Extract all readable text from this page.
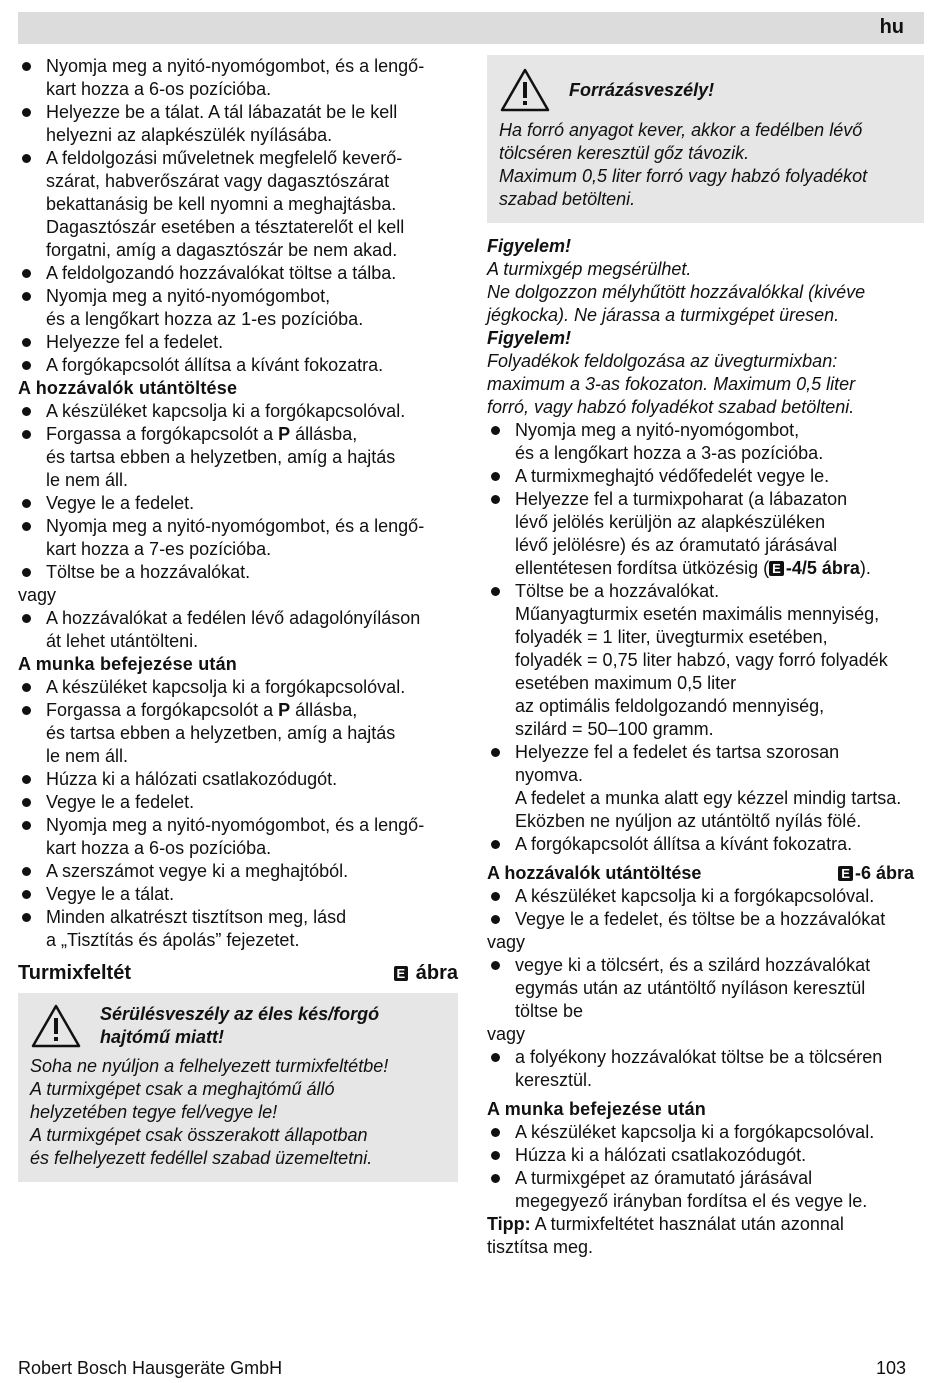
hu
Nyomja meg a nyitó-nyomógombot, és a lengő-
kart hozza a 6-os pozícióba.
Helyezze be a tálat. A tál lábazatát be le kell
helyezni az alapkészülék nyílásába.
A feldolgozási műveletnek megfelelő keverő-
szárat, habverőszárat vagy dagasztószárat
bekattanásig be kell nyomni a meghajtásba.
Dagasztószár esetében a tésztaterelőt el kell
forgatni, amíg a dagasztószár be nem akad.
A feldolgozandó hozzávalókat töltse a tálba.
Nyomja meg a nyitó-nyomógombot,
és a lengőkart hozza az 1-es pozícióba.
Helyezze fel a fedelet.
A forgókapcsolót állítsa a kívánt fokozatra.
A hozzávalók utántöltése
A készüléket kapcsolja ki a forgókapcsolóval.
Forgassa a forgókapcsolót a P állásba,
és tartsa ebben a helyzetben, amíg a hajtás
le nem áll.
Vegye le a fedelet.
Nyomja meg a nyitó-nyomógombot, és a lengő-
kart hozza a 7-es pozícióba.
Töltse be a hozzávalókat.
vagy
A hozzávalókat a fedélen lévő adagolónyíláson
át lehet utántölteni.
A munka befejezése után
A készüléket kapcsolja ki a forgókapcsolóval.
Forgassa a forgókapcsolót a P állásba,
és tartsa ebben a helyzetben, amíg a hajtás
le nem áll.
Húzza ki a hálózati csatlakozódugót.
Vegye le a fedelet.
Nyomja meg a nyitó-nyomógombot, és a lengő-
kart hozza a 6-os pozícióba.
A szerszámot vegye ki a meghajtóból.
Vegye le a tálat.
Minden alkatrészt tisztítson meg, lásd
a „Tisztítás és ápolás” fejezetet.
Turmixfeltét	E ábra
Sérülésveszély az éles kés/forgó
hajtómű miatt!
Soha ne nyúljon a felhelyezett turmixfeltétbe!
A turmixgépet csak a meghajtómű álló
helyzetében tegye fel/vegye le!
A turmixgépet csak összerakott állapotban
és felhelyezett fedéllel szabad üzemeltetni.
Forrázásveszély!
Ha forró anyagot kever, akkor a fedélben lévő
tölcséren keresztül gőz távozik.
Maximum 0,5 liter forró vagy habzó folyadékot
szabad betölteni.
Figyelem!
A turmixgép megsérülhet.
Ne dolgozzon mélyhűtött hozzávalókkal (kivéve
jégkocka). Ne járassa a turmixgépet üresen.
Figyelem!
Folyadékok feldolgozása az üvegturmixban:
maximum a 3-as fokozaton. Maximum 0,5 liter
forró, vagy habzó folyadékot szabad betölteni.
Nyomja meg a nyitó-nyomógombot,
és a lengőkart hozza a 3-as pozícióba.
A turmixmeghajtó védőfedelét vegye le.
Helyezze fel a turmixpoharat (a lábazaton
lévő jelölés kerüljön az alapkészüléken
lévő jelölésre) és az óramutató járásával
ellentétesen fordítsa ütközésig ( E -4/5 ábra).
Töltse be a hozzávalókat.
Műanyagturmix esetén maximális mennyiség,
folyadék = 1 liter, üvegturmix esetében,
folyadék = 0,75 liter habzó, vagy forró folyadék
esetében maximum 0,5 liter
az optimális feldolgozandó mennyiség,
szilárd = 50–100 gramm.
Helyezze fel a fedelet és tartsa szorosan
nyomva.
A fedelet a munka alatt egy kézzel mindig tartsa.
Eközben ne nyúljon az utántöltő nyílás fölé.
A forgókapcsolót állítsa a kívánt fokozatra.
A hozzávalók utántöltése	E -6 ábra
A készüléket kapcsolja ki a forgókapcsolóval.
Vegye le a fedelet, és töltse be a hozzávalókat
vagy
vegye ki a tölcsért, és a szilárd hozzávalókat
egymás után az utántöltő nyíláson keresztül
töltse be
vagy
a folyékony hozzávalókat töltse be a tölcséren
keresztül.
A munka befejezése után
A készüléket kapcsolja ki a forgókapcsolóval.
Húzza ki a hálózati csatlakozódugót.
A turmixgépet az óramutató járásával
megegyező irányban fordítsa el és vegye le.
Tipp: A turmixfeltétet használat után azonnal
tisztítsa meg.
Robert Bosch Hausgeräte GmbH	103
